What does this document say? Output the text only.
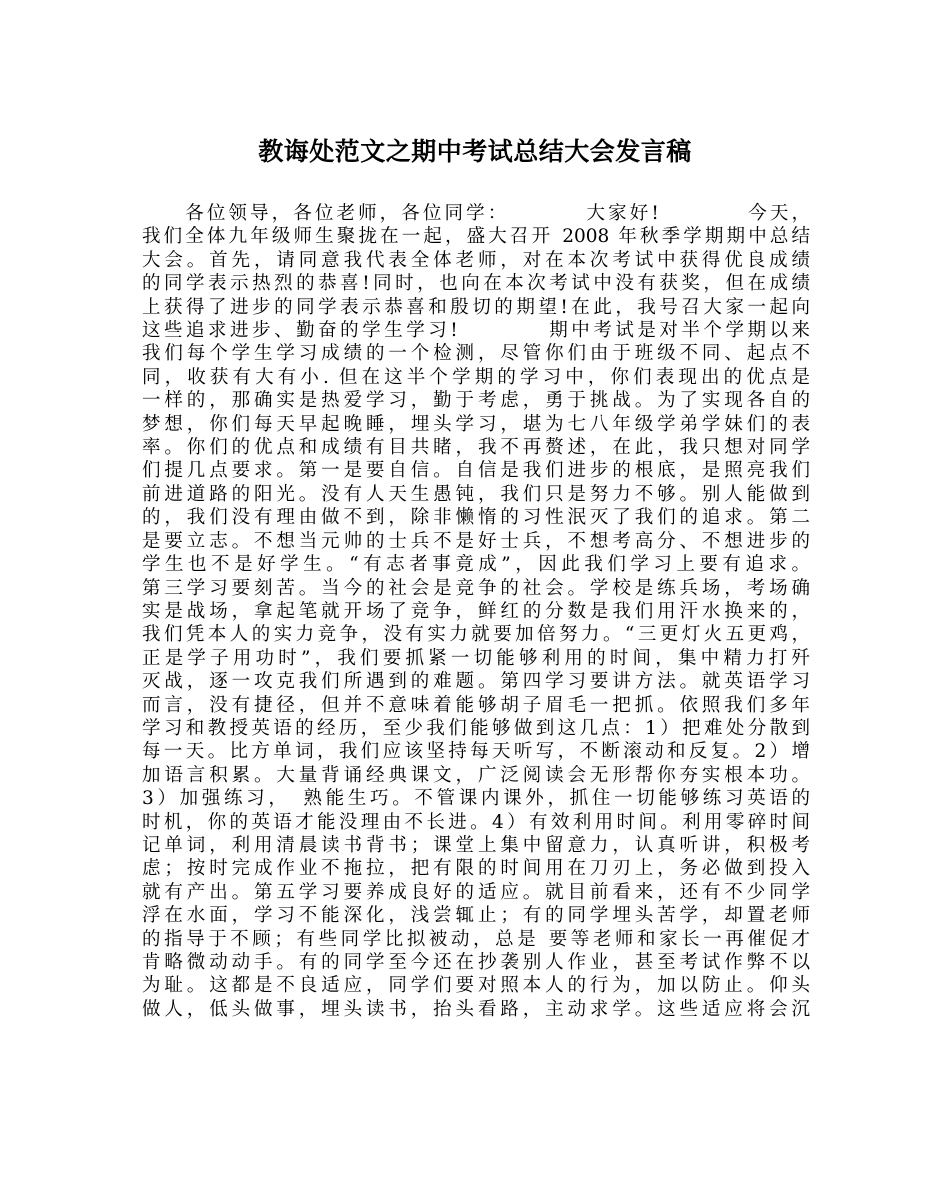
教诲处范文之期中考试总结大会发言稿
　　各位领导，各位老师，各位同学：　　　　大家好!　　　　今天，
我们全体九年级师生聚拢在一起，盛大召开 2008 年秋季学期期中总结
大会。首先，请同意我代表全体老师，对在本次考试中获得优良成绩
的同学表示热烈的恭喜!同时，也向在本次考试中没有获奖，但在成绩
上获得了进步的同学表示恭喜和殷切的期望!在此，我号召大家一起向
这些追求进步、勤奋的学生学习!　　　　期中考试是对半个学期以来
我们每个学生学习成绩的一个检测，尽管你们由于班级不同、起点不
同，收获有大有小. 但在这半个学期的学习中，你们表现出的优点是
一样的，那确实是热爱学习，勤于考虑，勇于挑战。为了实现各自的
梦想，你们每天早起晚睡，埋头学习，堪为七八年级学弟学妹们的表
率。你们的优点和成绩有目共睹，我不再赘述，在此，我只想对同学
们提几点要求。第一是要自信。自信是我们进步的根底，是照亮我们
前进道路的阳光。没有人天生愚钝，我们只是努力不够。别人能做到
的，我们没有理由做不到，除非懒惰的习性泯灭了我们的追求。第二
是要立志。不想当元帅的士兵不是好士兵，不想考高分、不想进步的
学生也不是好学生。“有志者事竟成”，因此我们学习上要有追求。
第三学习要刻苦。当今的社会是竞争的社会。学校是练兵场，考场确
实是战场，拿起笔就开场了竞争，鲜红的分数是我们用汗水换来的，
我们凭本人的实力竞争，没有实力就要加倍努力。“三更灯火五更鸡，
正是学子用功时”，我们要抓紧一切能够利用的时间，集中精力打歼
灭战，逐一攻克我们所遇到的难题。第四学习要讲方法。就英语学习
而言，没有捷径，但并不意味着能够胡子眉毛一把抓。依照我们多年
学习和教授英语的经历，至少我们能够做到这几点：1）把难处分散到
每一天。比方单词，我们应该坚持每天听写，不断滚动和反复。2）增
加语言积累。大量背诵经典课文，广泛阅读会无形帮你夯实根本功。
3）加强练习，　熟能生巧。不管课内课外，抓住一切能够练习英语的
时机，你的英语才能没理由不长进。4）有效利用时间。利用零碎时间
记单词，利用清晨读书背书；课堂上集中留意力，认真听讲，积极考
虑；按时完成作业不拖拉，把有限的时间用在刀刃上，务必做到投入
就有产出。第五学习要养成良好的适应。就目前看来，还有不少同学
浮在水面，学习不能深化，浅尝辄止；有的同学埋头苦学，却置老师
的指导于不顾；有些同学比拟被动，总是 要等老师和家长一再催促才
肯略微动动手。有的同学至今还在抄袭别人作业，甚至考试作弊不以
为耻。这都是不良适应，同学们要对照本人的行为，加以防止。仰头
做人，低头做事，埋头读书，抬头看路，主动求学。这些适应将会沉
